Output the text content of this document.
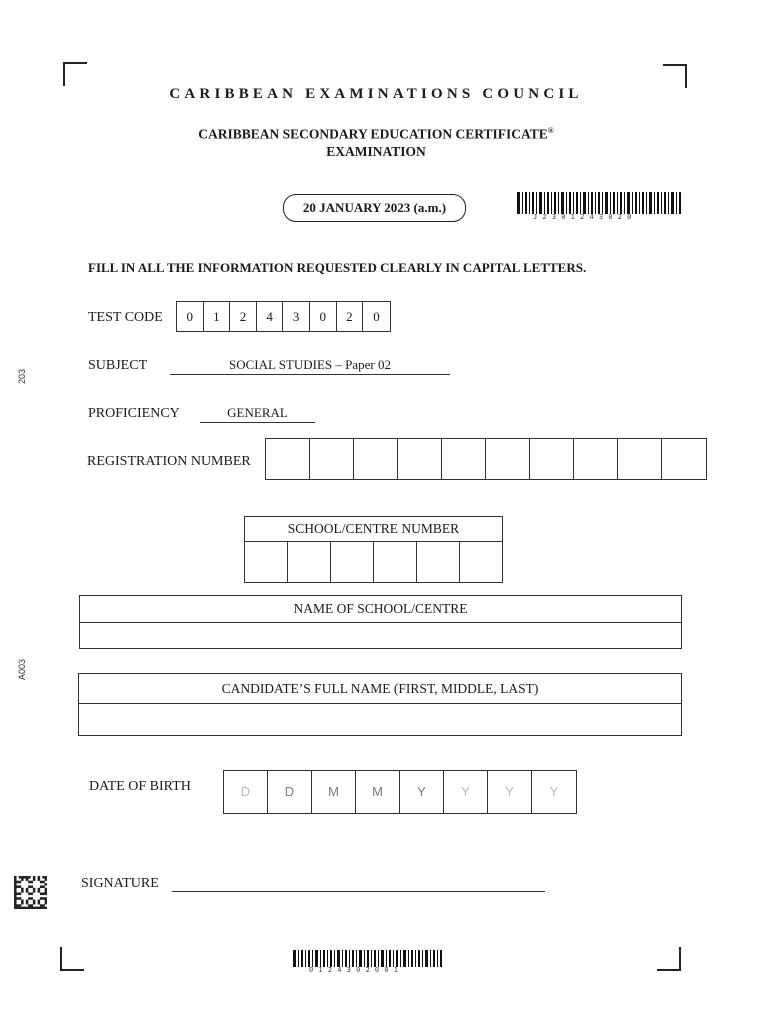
203
A003
CARIBBEAN EXAMINATIONS COUNCIL
CARIBBEAN SECONDARY EDUCATION CERTIFICATE®
EXAMINATION
20 JANUARY 2023 (a.m.)
J2301243020
FILL IN ALL THE INFORMATION REQUESTED CLEARLY IN CAPITAL LETTERS.
TEST CODE	0	1	2	4	3	0	2	0
SUBJECT	SOCIAL STUDIES – Paper 02
PROFICIENCY	GENERAL
REGISTRATION NUMBER
SCHOOL/CENTRE NUMBER
NAME OF SCHOOL/CENTRE
CANDIDATE’S FULL NAME (FIRST, MIDDLE, LAST)
DATE OF BIRTH	D	D	M	M	Y	Y	Y	Y
SIGNATURE
0124302001
